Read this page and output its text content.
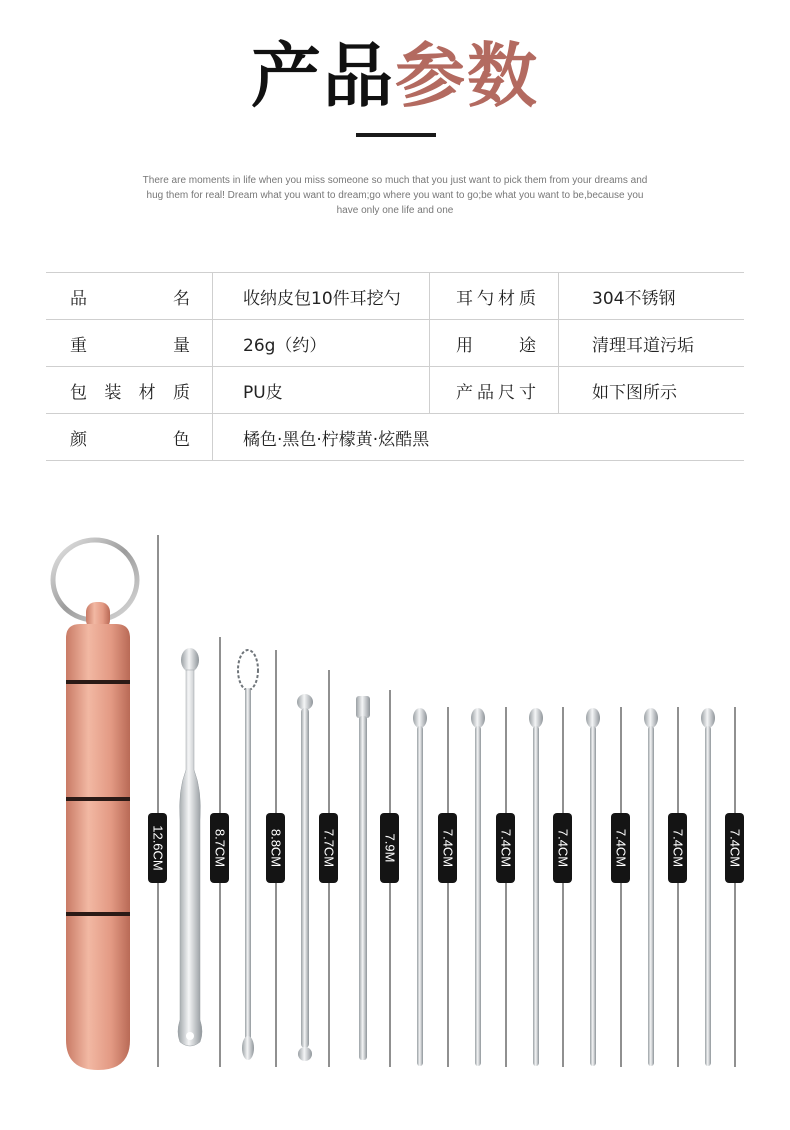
产品参数
There are moments in life when you miss someone so much that you just want to pick them from your dreams and hug them for real! Dream what you want to dream;go where you want to go;be what you want to be,because you have only one life and one
品名	收纳皮包10件耳挖勺	耳勺材质	304不锈钢
重量	26g（约）	用途	清理耳道污垢
包装材质	PU皮	产品尺寸	如下图所示
颜色	橘色·黑色·柠檬黄·炫酷黑		
12.6CM	8.7CM	8.8CM	7.7CM	7.9M	7.4CM	7.4CM	7.4CM	7.4CM	7.4CM	7.4CM
